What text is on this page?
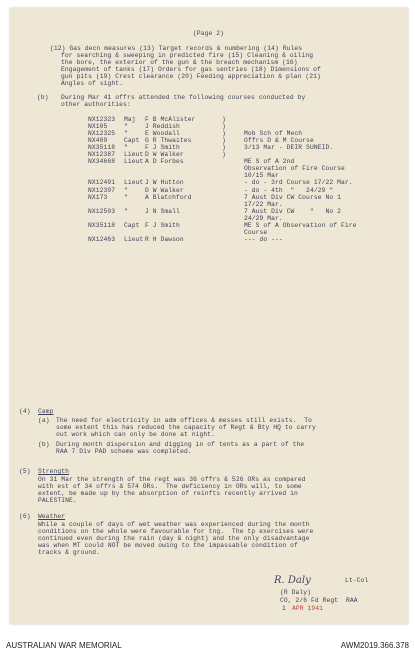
(Page 2)
(12) Gas decn measures (13) Target records & numbering (14) Rules
for searching & sweeping in predicted fire (15) Cleaning & oiling
the bore, the exterior of the gun & the breach mechanism (16)
Engagement of tanks (17) Orders for gas sentries (18) Dimensions of
gun pits (19) Crest clearance (20) Feeding appreciation & plan (21)
Angles of sight.
(b) During Mar 41 offrs attended the following courses conducted by
other authorities:
NX12323 Maj F B McAlister	)
NX105	"	J Reddish	)
NX12325 "	E Woodall	)	Mob Sch of Mech
NX409	Capt G R Thwaites	)	Offrs D & M Course
NX35118 "	F J Smith	)	3/13 Mar - DEIR SUNEID.
NX12387 Lieut D W Walker	)
NX34668 Lieut A D Forbes	ME S of A 2nd
Observation of Fire Course
10/15 Mar
NX12491 Lieut J W Hutton	- do - 3rd Course 17/22 Mar.
NX12397 "	D W Walker	- do - 4th  "   24/29 "
NX173	"	A Blatchford	7 Aust Div CW Course No 1
17/22 Mar.
NX12503 "	J N Small	7 Aust Div CW    "   No 2
24/29 Mar.
NX35118 Capt F J Smith	ME S of A Observation of Fire
Course
NX12463 Lieut R H Dawson	--- do ---
(4) Camp
(a) The need for electricity in adm offices & messes still exists.  To
some extent this has reduced the capacity of Regt & Bty HQ to carry
out work which can only be done at night.
(b) During month dispersion and digging in of tents as a part of the
RAA 7 Div PAD scheme was completed.
(5) Strength
On 31 Mar the strength of the regt was 36 offrs & 526 ORs as compared
with est of 34 offrs & 574 ORs.  The deficiency in ORs will, to some
extent, be made up by the absorption of reinfts recently arrived in
PALESTINE.
(6) Weather
While a couple of days of wet weather was experienced during the month
conditions on the whole were favourable for tng.  The tp exercises were
continued even during the rain (day & night) and the only disadvantage
was when MT could NOT be moved owing to the impassable condition of
tracks & ground.
R. Daly	Lt-Col
(R Daly)
CO, 2/6 Fd Regt  RAA
1 APR 1941
AUSTRALIAN WAR MEMORIAL	AWM2019.366.378
